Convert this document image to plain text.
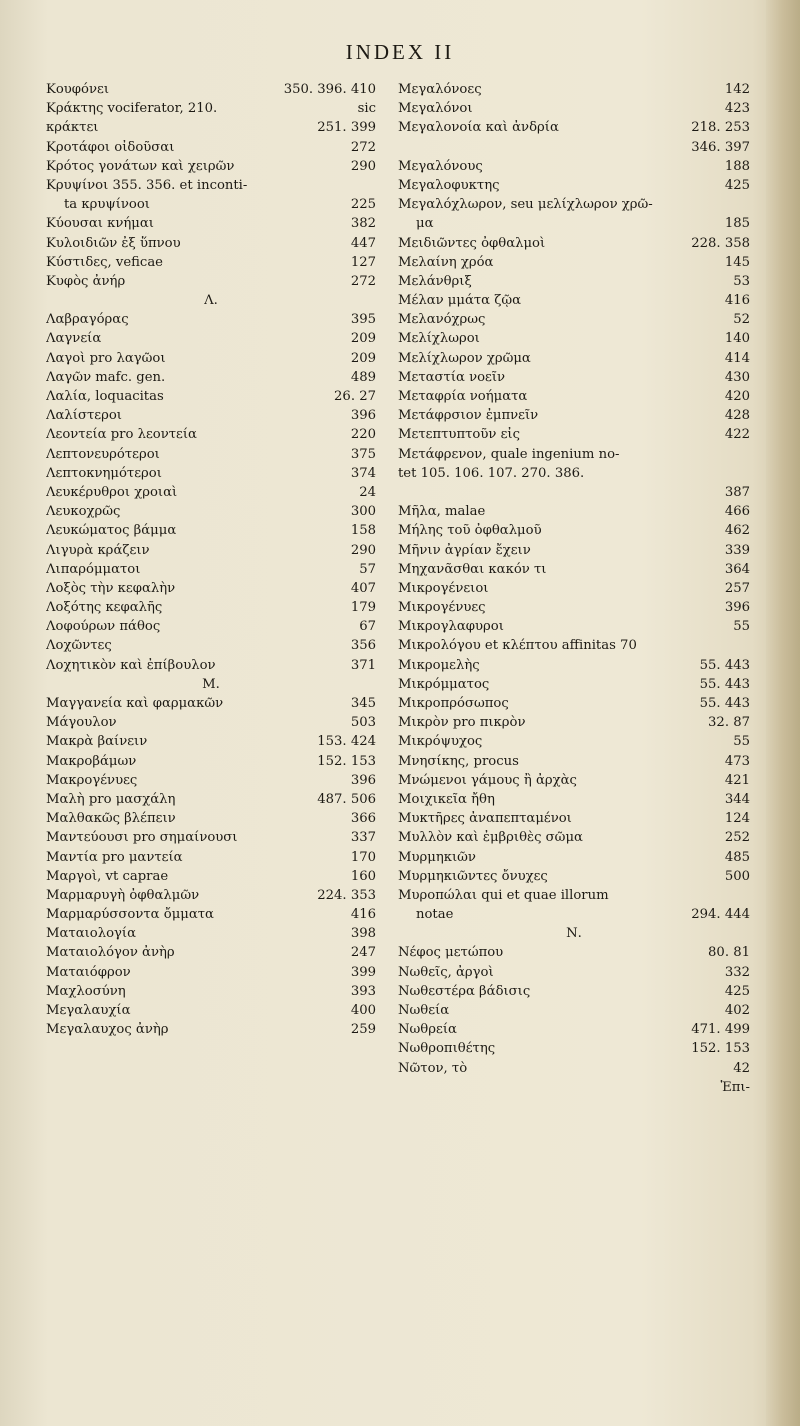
INDEX II
Κουφόνει	350. 396. 410
Κράκτης vociferator, 210.	sic
κράκτει	251. 399
Κροτάφοι οἰδοῦσαι	272
Κρότος γονάτων καὶ χειρῶν	290
Κρυψίνοι 355. 356. et inconti-
ta κρυψίνοοι	225
Κύουσαι κνήμαι	382
Κυλοιδιῶν ἐξ ὕπνου	447
Κύστιδες, veficae	127
Κυφὸς ἀνήρ	272
Λ.
Λαβραγόρας	395
Λαγνεία	209
Λαγοὶ pro λαγῶοι	209
Λαγῶν mafc. gen.	489
Λαλία, loquacitas	26. 27
Λαλίστεροι	396
Λεοντεία pro λεοντεία	220
Λεπτονευρότεροι	375
Λεπτοκνημότεροι	374
Λευκέρυθροι χροιαὶ	24
Λευκοχρῶς	300
Λευκώματος βάμμα	158
Λιγυρὰ κράζειν	290
Λιπαρόμματοι	57
Λοξὸς τὴν κεφαλὴν	407
Λοξότης κεφαλῆς	179
Λοφούρων πάθος	67
Λοχῶντες	356
Λοχητικὸν καὶ ἐπίβουλον	371
Μ.
Μαγγανεία καὶ φαρμακῶν	345
Μάγουλον	503
Μακρὰ βαίνειν	153. 424
Μακροβάμων	152. 153
Μακρογένυες	396
Μαλὴ pro μασχάλη	487. 506
Μαλθακῶς βλέπειν	366
Μαντεύουσι pro σημαίνουσι	337
Μαντία pro μαντεία	170
Μαργοὶ, vt caprae	160
Μαρμαρυγὴ ὀφθαλμῶν	224. 353
Μαρμαρύσσοντα ὄμματα	416
Ματαιολογία	398
Ματαιολόγον ἀνὴρ	247
Ματαιόφρον	399
Μαχλοσύνη	393
Μεγαλαυχία	400
Μεγαλαυχος ἀνὴρ	259
Μεγαλόνοες	142
Μεγαλόνοι	423
Μεγαλονοία καὶ ἀνδρία	218. 253
346. 397
Μεγαλόνους	188
Μεγαλοφυκτης	425
Μεγαλόχλωρον, seu μελίχλωρον χρῶ-
μα	185
Μειδιῶντες ὀφθαλμοὶ	228. 358
Μελαίνη χρόα	145
Μελάνθριξ	53
Μέλαν μμάτα ζῷα	416
Μελανόχρως	52
Μελίχλωροι	140
Μελίχλωρον χρῶμα	414
Μεταστία νοεῖν	430
Μεταφρία νοήματα	420
Μετάφρσιον ἐμπνεῖν	428
Μετεπτυπτοῦν εἰς	422
Μετάφρενον, quale ingenium no-
tet 105. 106. 107. 270. 386.
387
Μῆλα, malae	466
Μήλης τοῦ ὀφθαλμοῦ	462
Μῆνιν ἀγρίαν ἔχειν	339
Μηχανᾶσθαι κακόν τι	364
Μικρογένειοι	257
Μικρογένυες	396
Μικρογλαφυροι	55
Μικρολόγου et κλέπτου affinitas 70
Μικρομελὴς	55. 443
Μικρόμματος	55. 443
Μικροπρόσωπος	55. 443
Μικρὸν pro πικρὸν	32. 87
Μικρόψυχος	55
Μνησίκης, procus	473
Μνώμενοι γάμους ἢ ἀρχὰς	421
Μοιχικεῖα ἤθη	344
Μυκτῆρες ἀναπεπταμένοι	124
Μυλλὸν καὶ ἐμβριθὲς σῶμα	252
Μυρμηκιῶν	485
Μυρμηκιῶντες ὄνυχες	500
Μυροπώλαι qui et quae illorum
notae	294. 444
Ν.
Νέφος μετώπου	80. 81
Νωθεῖς, ἀργοὶ	332
Νωθεστέρα βάδισις	425
Νωθεία	402
Νωθρεία	471. 499
Νωθροπιθέτης	152. 153
Νῶτον, τὸ	42
Ἐπι-
